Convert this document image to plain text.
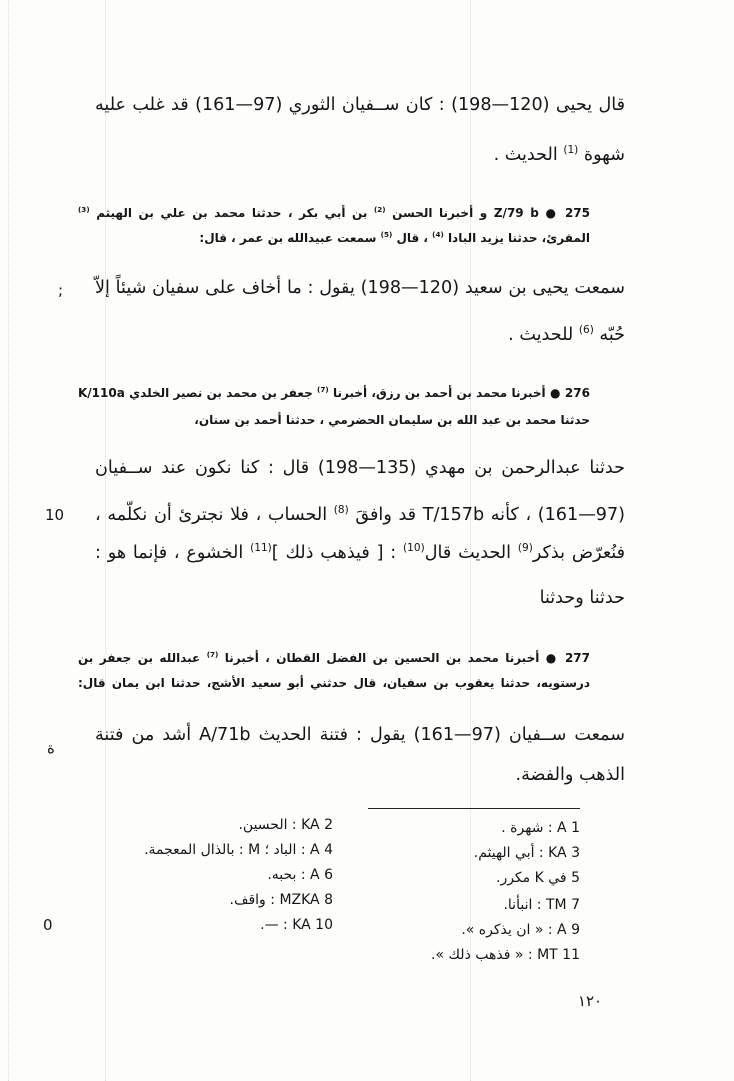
قال يحيى (120—198) : كان ســفيان الثوري (97—161) قد غلب عليه
شهوة $^{(1)}$ الحديث .
275 ● Z/79 b و أخبرنا الحسن $^{(2)}$ بن أبي بكر ، حدثنا محمد بن علي بن الهيثم $^{(3)}$
المقرئ، حدثنا يزيد البادا $^{(4)}$ ، قال $^{(5)}$ سمعت عبيدالله بن عمر ، قال:
سمعت يحيى بن سعيد (120—198) يقول : ما أخاف على سفيان شيئاً إلاّ
حُبّه $^{(6)}$ للحديث .
276 ● أخبرنا محمد بن أحمد بن رزق، أخبرنا $^{(7)}$ جعفر بن محمد بن نصير الخلدي K/110a
حدثنا محمد بن عبد الله بن سليمان الحضرمي ، حدثنا أحمد بن سنان،
حدثنا عبدالرحمن بن مهدي (135—198) قال : كنا نكون عند ســفيان
(97—161) ، كأنه T/157b قد وافقَ $^{(8)}$ الحساب ، فلا نجترئ أن نكلّمه ،
فنُعرّض بذكر$^{(9)}$ الحديث قال$^{(10)}$ : [ فيذهب ذلك ]$^{(11)}$ الخشوع ، فإنما هو :
حدثنا وحدثنا
277 ● أخبرنا محمد بن الحسين بن الفضل القطان ، أخبرنا $^{(7)}$ عبدالله بن جعفر بن
درستويه، حدثنا يعقوب بن سفيان، قال حدثني أبو سعيد الأشج، حدثنا ابن يمان قال:
سمعت ســفيان (97—161) يقول : فتنة الحديث A/71b أشد من فتنة
الذهب والفضة.
;
10
ة
0
1 A : شهرة .
3 KA : أبي الهيثم.
5 في K مكرر.
7 TM : انبأنا.
9 A : « ان يذكره ».
11 MT : « فذهب ذلك ».
2 KA : الحسين.
4 A : الباد ؛ M : بالذال المعجمة.
6 A : بحبه.
8 MZKA : واقف.
10 KA : —.
١٢٠
